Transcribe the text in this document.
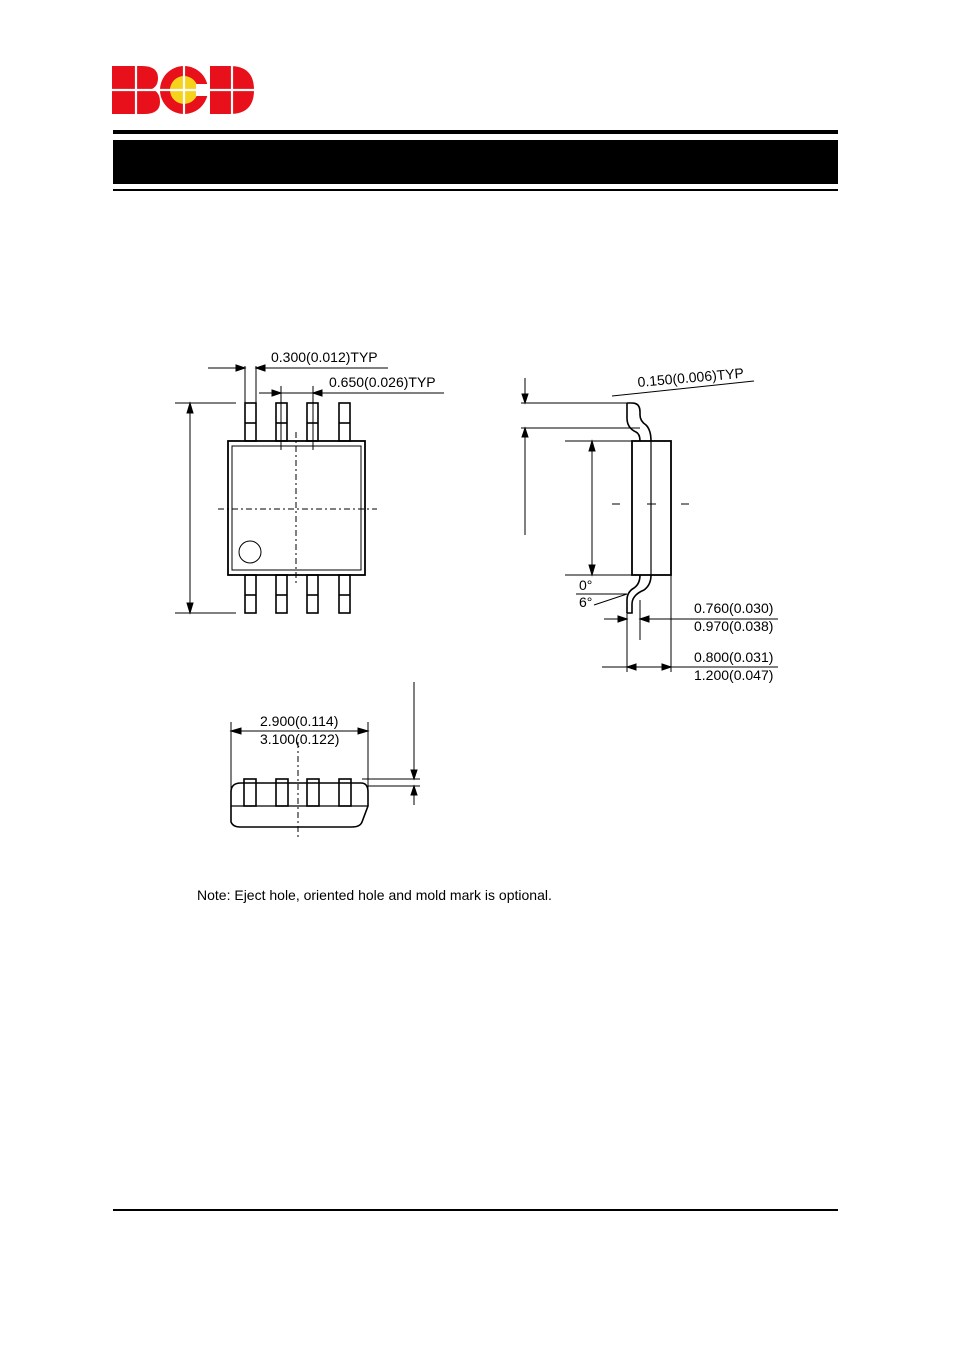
0.300(0.012)TYP
0.650(0.026)TYP	0.150(0.006)TYP
0°
6°	0.760(0.030)
0.970(0.038)
0.800(0.031)
1.200(0.047)
2.900(0.114)
3.100(0.122)
Note: Eject hole, oriented hole and mold mark is optional.
